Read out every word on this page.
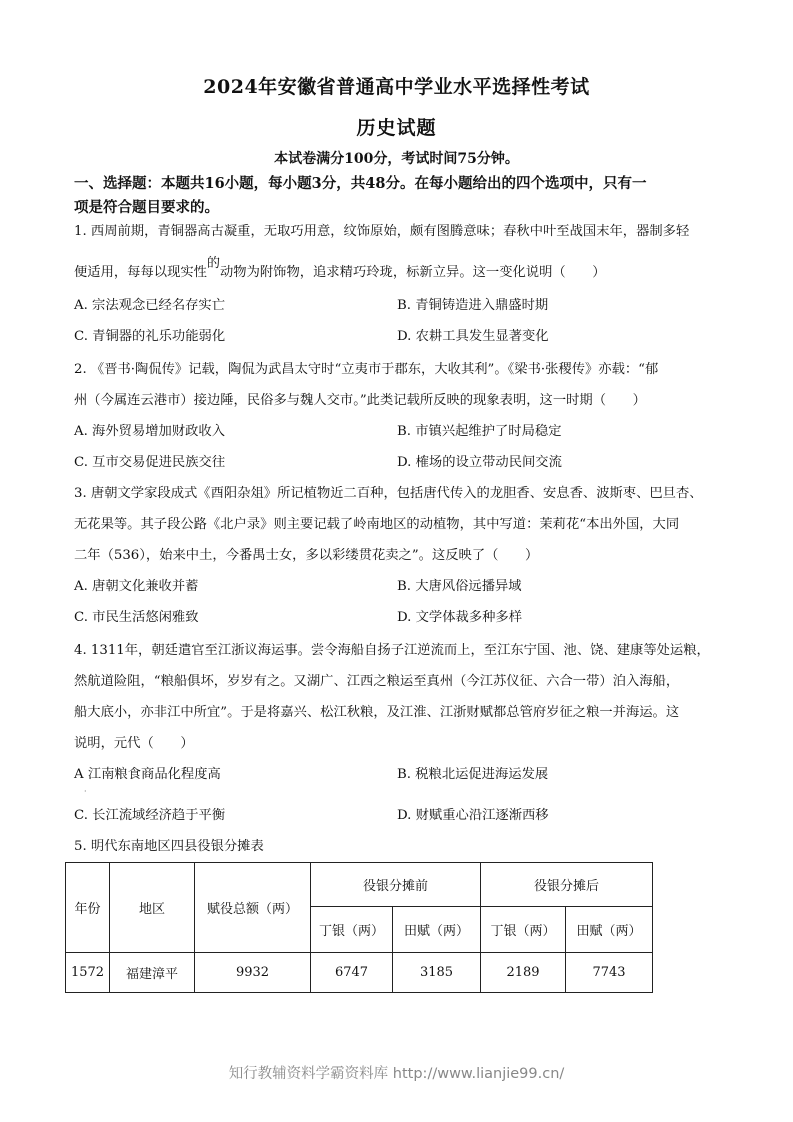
2024年安徽省普通高中学业水平选择性考试
历史试题
本试卷满分100分，考试时间75分钟。
一、选择题：本题共16小题，每小题3分，共48分。在每小题给出的四个选项中，只有一
项是符合题目要求的。
1. 西周前期，青铜器高古凝重，无取巧用意，纹饰原始，颇有图腾意味；春秋中叶至战国末年，器制多轻
便适用，每每以现实性的动物为附饰物，追求精巧玲珑，标新立异。这一变化说明（　　）
A. 宗法观念已经名存实亡	B. 青铜铸造进入鼎盛时期
C. 青铜器的礼乐功能弱化	D. 农耕工具发生显著变化
2. 《晋书·陶侃传》记载，陶侃为武昌太守时“立夷市于郡东，大收其利”。《梁书·张稷传》亦载：“郁
州（今属连云港市）接边陲，民俗多与魏人交市。”此类记载所反映的现象表明，这一时期（　　）
A. 海外贸易增加财政收入	B. 市镇兴起维护了时局稳定
C. 互市交易促进民族交往	D. 榷场的设立带动民间交流
3. 唐朝文学家段成式《酉阳杂俎》所记植物近二百种，包括唐代传入的龙胆香、安息香、波斯枣、巴旦杏、
无花果等。其子段公路《北户录》则主要记载了岭南地区的动植物，其中写道：茉莉花“本出外国，大同
二年（536），始来中土，今番禺士女，多以彩缕贯花卖之”。这反映了（　　）
A. 唐朝文化兼收并蓄	B. 大唐风俗远播异域
C. 市民生活悠闲雅致	D. 文学体裁多种多样
4. 1311年，朝廷遣官至江浙议海运事。尝令海船自扬子江逆流而上，至江东宁国、池、饶、建康等处运粮，
然航道险阻，“粮船俱坏，岁岁有之。又湖广、江西之粮运至真州（今江苏仪征、六合一带）泊入海船，
船大底小，亦非江中所宜”。于是将嘉兴、松江秋粮，及江淮、江浙财赋都总管府岁征之粮一并海运。这
说明，元代（　　）
A 江南粮食商品化程度高	B. 税粮北运促进海运发展
·
C. 长江流域经济趋于平衡	D. 财赋重心沿江逐渐西移
5. 明代东南地区四县役银分摊表
年份	地区	赋役总额（两）	役银分摊前		役银分摊后	
			丁银（两）	田赋（两）	丁银（两）	田赋（两）
1572	福建漳平	9932	6747	3185	2189	7743
知行教辅资料学霸资料库 http://www.lianjie99.cn/
